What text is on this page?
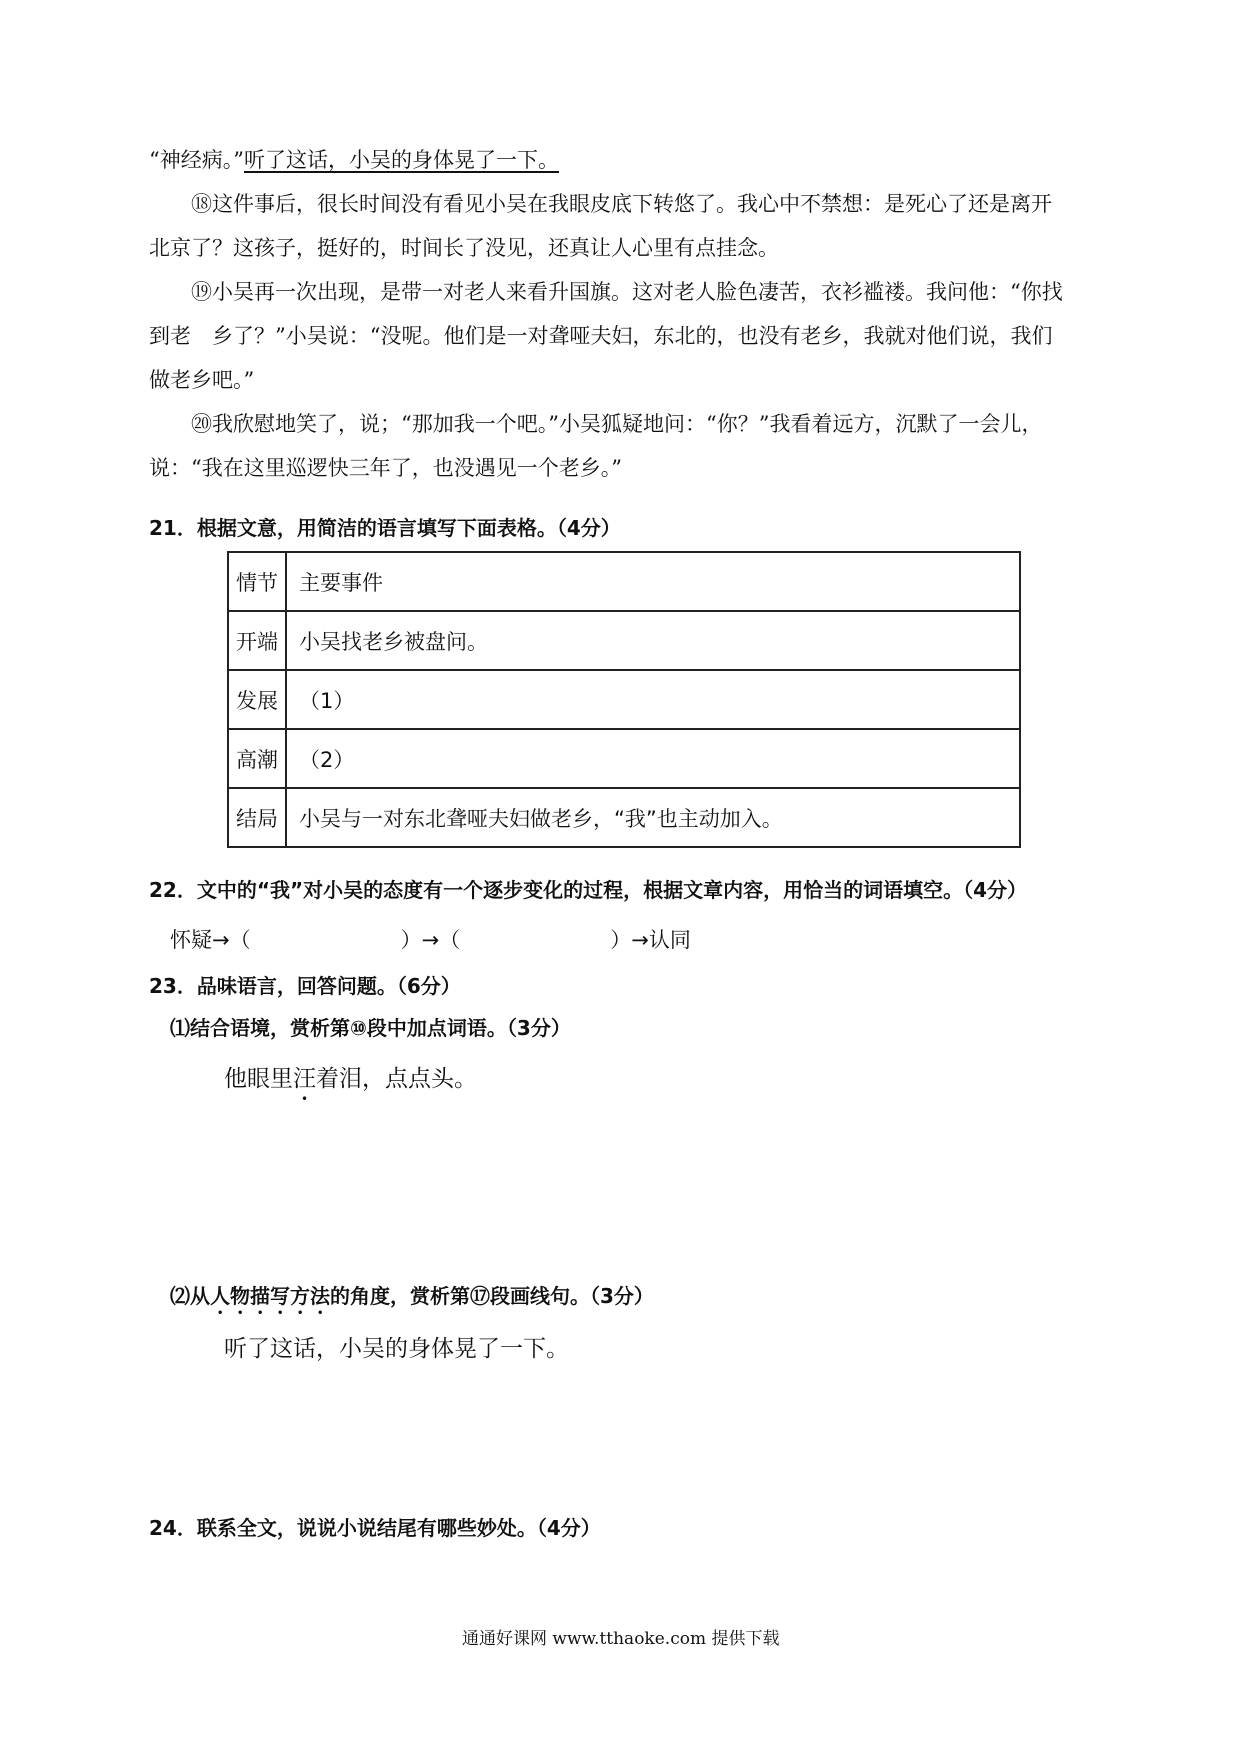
“神经病。”听了这话，小吴的身体晃了一下。
⑱这件事后，很长时间没有看见小吴在我眼皮底下转悠了。我心中不禁想：是死心了还是离开
北京了？这孩子，挺好的，时间长了没见，还真让人心里有点挂念。
⑲小吴再一次出现，是带一对老人来看升国旗。这对老人脸色凄苦，衣衫褴褛。我问他：“你找
到老　乡了？”小吴说：“没呢。他们是一对聋哑夫妇，东北的，也没有老乡，我就对他们说，我们
做老乡吧。”
⑳我欣慰地笑了，说；“那加我一个吧。”小吴狐疑地问：“你？”我看着远方，沉默了一会儿，
说：“我在这里巡逻快三年了，也没遇见一个老乡。”
21．根据文意，用简洁的语言填写下面表格。（4分）
情节	主要事件
开端	小吴找老乡被盘问。
发展	（1）
高潮	（2）
结局	小吴与一对东北聋哑夫妇做老乡，“我”也主动加入。
22．文中的“我”对小吴的态度有一个逐步变化的过程，根据文章内容，用恰当的词语填空。（4分）
怀疑→（	）→（	）→认同
23．品味语言，回答问题。（6分）
⑴结合语境，赏析第⑩段中加点词语。（3分）
他眼里汪着泪，点点头。
⑵从人物描写方法的角度，赏析第⑰段画线句。（3分）
听了这话，小吴的身体晃了一下。
24．联系全文，说说小说结尾有哪些妙处。（4分）
通通好课网 www.tthaoke.com 提供下载
